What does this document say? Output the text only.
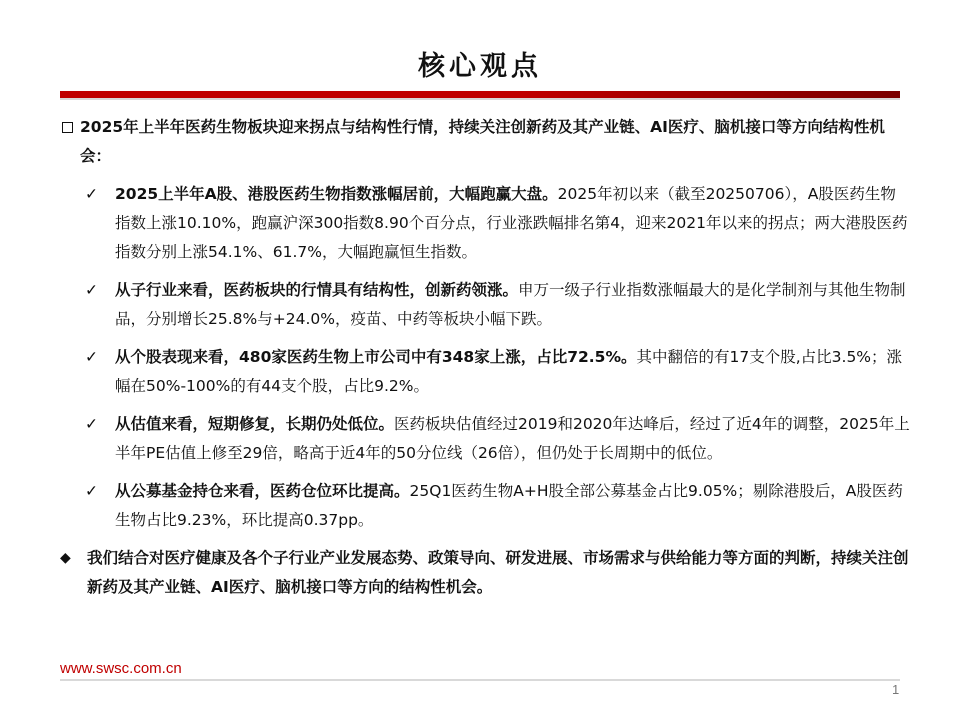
核心观点
2025年上半年医药生物板块迎来拐点与结构性行情，持续关注创新药及其产业链、AI医疗、脑机接口等方向结构性机会：
✓ 2025上半年A股、港股医药生物指数涨幅居前，大幅跑赢大盘。2025年初以来（截至20250706），A股医药生物指数上涨10.10%，跑赢沪深300指数8.90个百分点，行业涨跌幅排名第4，迎来2021年以来的拐点；两大港股医药指数分别上涨54.1%、61.7%，大幅跑赢恒生指数。
✓ 从子行业来看，医药板块的行情具有结构性，创新药领涨。申万一级子行业指数涨幅最大的是化学制剂与其他生物制品，分别增长25.8%与+24.0%，疫苗、中药等板块小幅下跌。
✓ 从个股表现来看，480家医药生物上市公司中有348家上涨，占比72.5%。其中翻倍的有17支个股,占比3.5%；涨幅在50%-100%的有44支个股，占比9.2%。
✓ 从估值来看，短期修复，长期仍处低位。医药板块估值经过2019和2020年达峰后，经过了近4年的调整，2025年上半年PE估值上修至29倍，略高于近4年的50分位线（26倍），但仍处于长周期中的低位。
✓ 从公募基金持仓来看，医药仓位环比提高。25Q1医药生物A+H股全部公募基金占比9.05%；剔除港股后，A股医药生物占比9.23%，环比提高0.37pp。
◆ 我们结合对医疗健康及各个子行业产业发展态势、政策导向、研发进展、市场需求与供给能力等方面的判断，持续关注创新药及其产业链、AI医疗、脑机接口等方向的结构性机会。
www.swsc.com.cn
1
